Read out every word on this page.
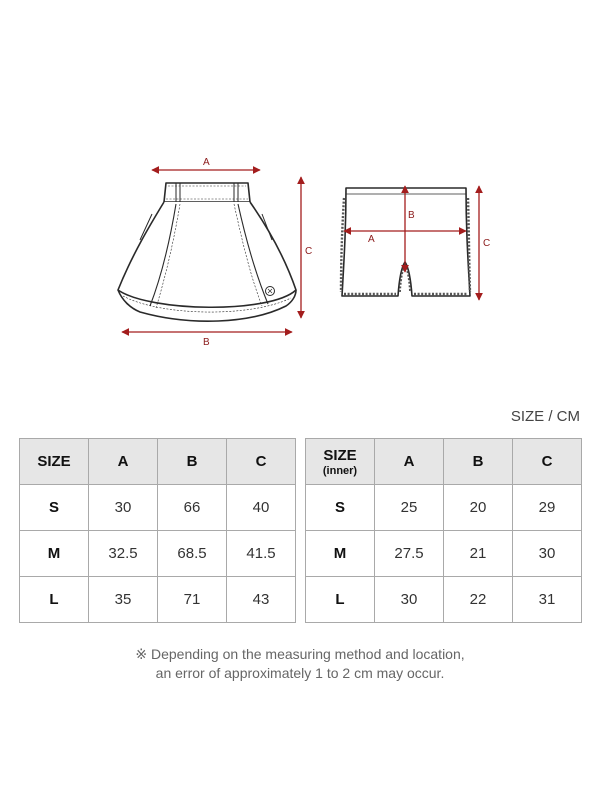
A
B
C
A
B
C
SIZE / CM
SIZE	A	B	C
S	30	66	40
M	32.5	68.5	41.5
L	35	71	43
SIZE
(inner)	A	B	C
S	25	20	29
M	27.5	21	30
L	30	22	31
※ Depending on the measuring method and location,
an error of approximately 1 to 2 cm may occur.
